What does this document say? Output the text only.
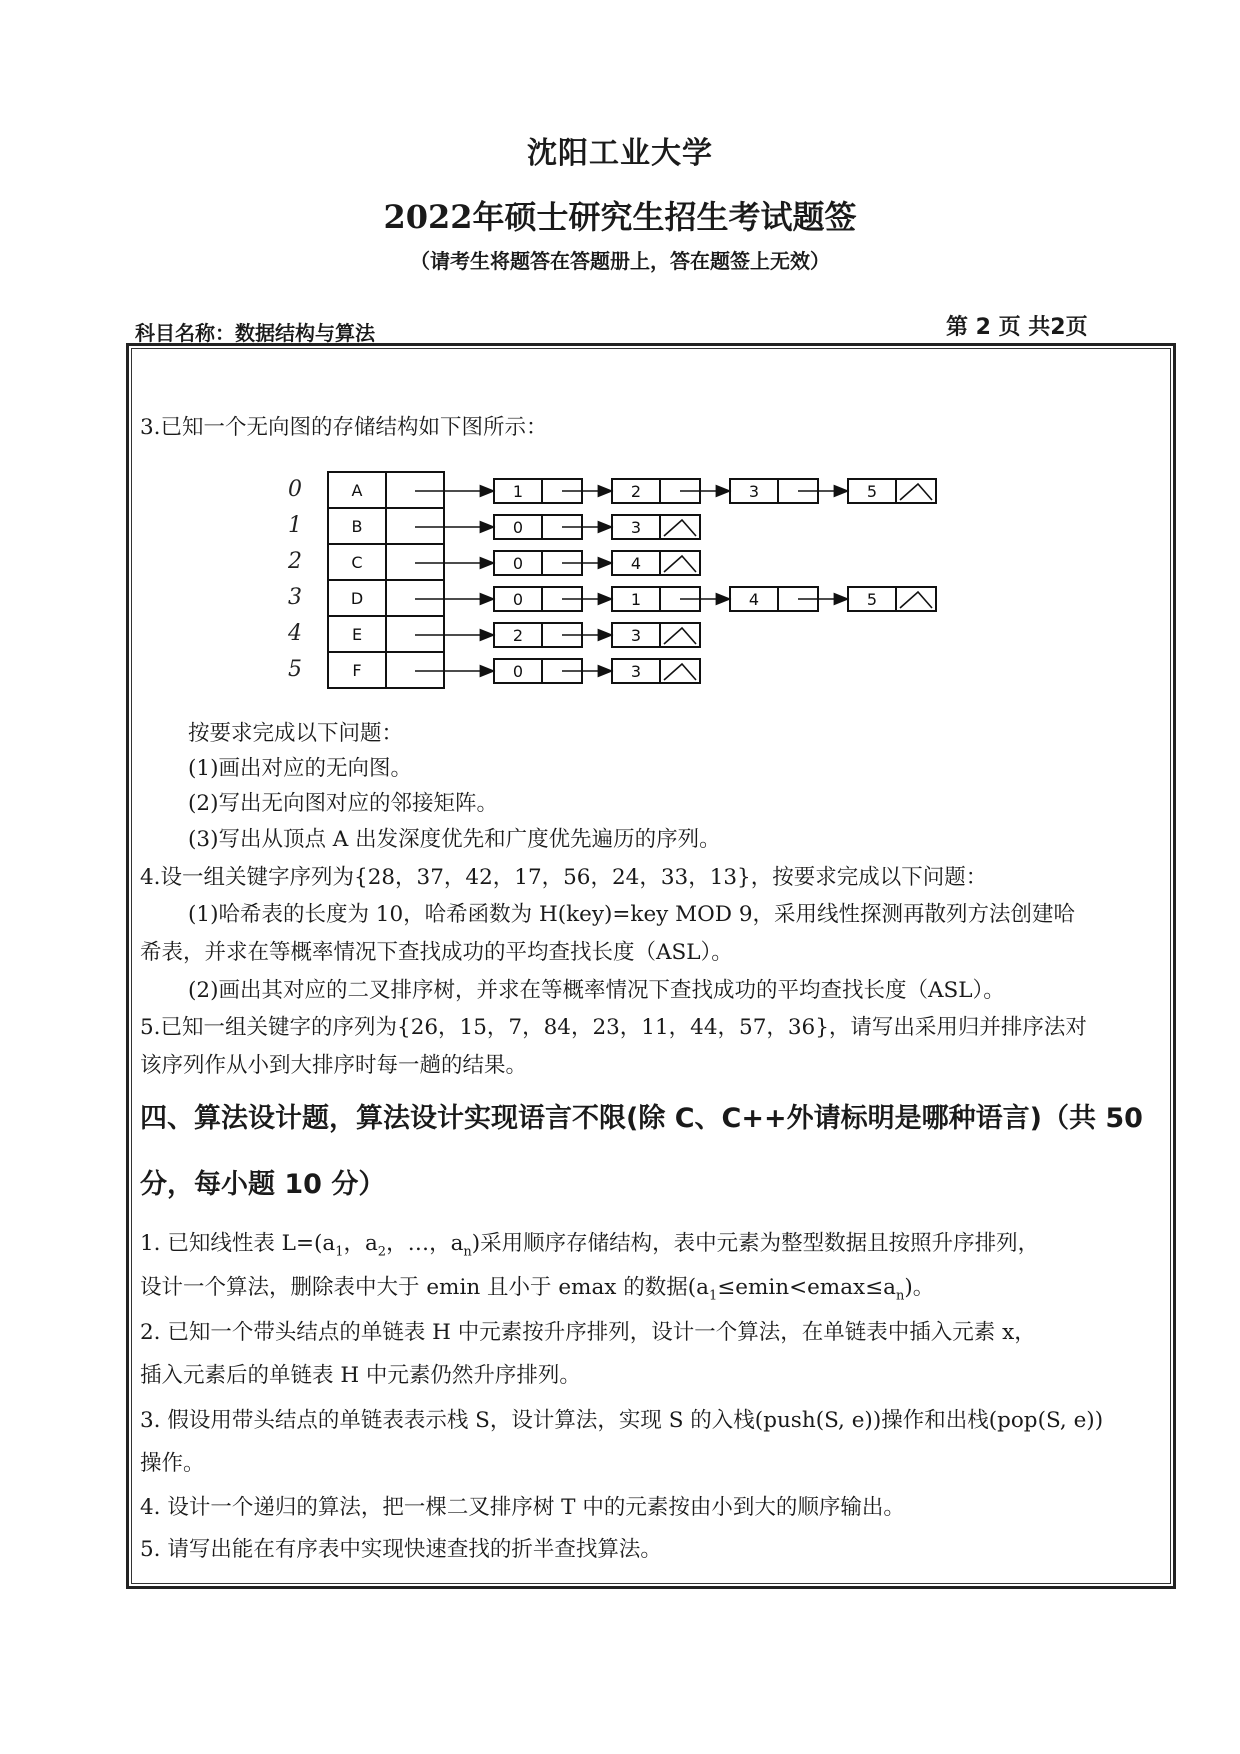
沈阳工业大学
2022年硕士研究生招生考试题签
（请考生将题答在答题册上，答在题签上无效）
科目名称：数据结构与算法	第 2 页 共2页
3.已知一个无向图的存储结构如下图所示：
0	A	1	2	3	5
1	B	0	3
2	C	0	4
3	D	0	1	4	5
4	E	2	3
5	F	0	3
按要求完成以下问题：
(1)画出对应的无向图。
(2)写出无向图对应的邻接矩阵。
(3)写出从顶点 A 出发深度优先和广度优先遍历的序列。
4.设一组关键字序列为{28，37，42，17，56，24，33，13}，按要求完成以下问题：
(1)哈希表的长度为 10，哈希函数为 H(key)=key MOD 9，采用线性探测再散列方法创建哈
希表，并求在等概率情况下查找成功的平均查找长度（ASL）。
(2)画出其对应的二叉排序树，并求在等概率情况下查找成功的平均查找长度（ASL）。
5.已知一组关键字的序列为{26，15，7，84，23，11，44，57，36}，请写出采用归并排序法对
该序列作从小到大排序时每一趟的结果。
四、算法设计题，算法设计实现语言不限(除 C、C++外请标明是哪种语言)（共 50
分，每小题 10 分）
1. 已知线性表 $L=(a_1$，$a_2$，…，$a_n$)采用顺序存储结构，表中元素为整型数据且按照升序排列，
设计一个算法，删除表中大于 emin 且小于 emax 的数据$(a_1\le emin<emax\le a_n)$。
2. 已知一个带头结点的单链表 H 中元素按升序排列，设计一个算法，在单链表中插入元素 x，
插入元素后的单链表 H 中元素仍然升序排列。
3. 假设用带头结点的单链表表示栈 S，设计算法，实现 S 的入栈(push(S, e))操作和出栈(pop(S, e))
操作。
4. 设计一个递归的算法，把一棵二叉排序树 T 中的元素按由小到大的顺序输出。
5. 请写出能在有序表中实现快速查找的折半查找算法。
